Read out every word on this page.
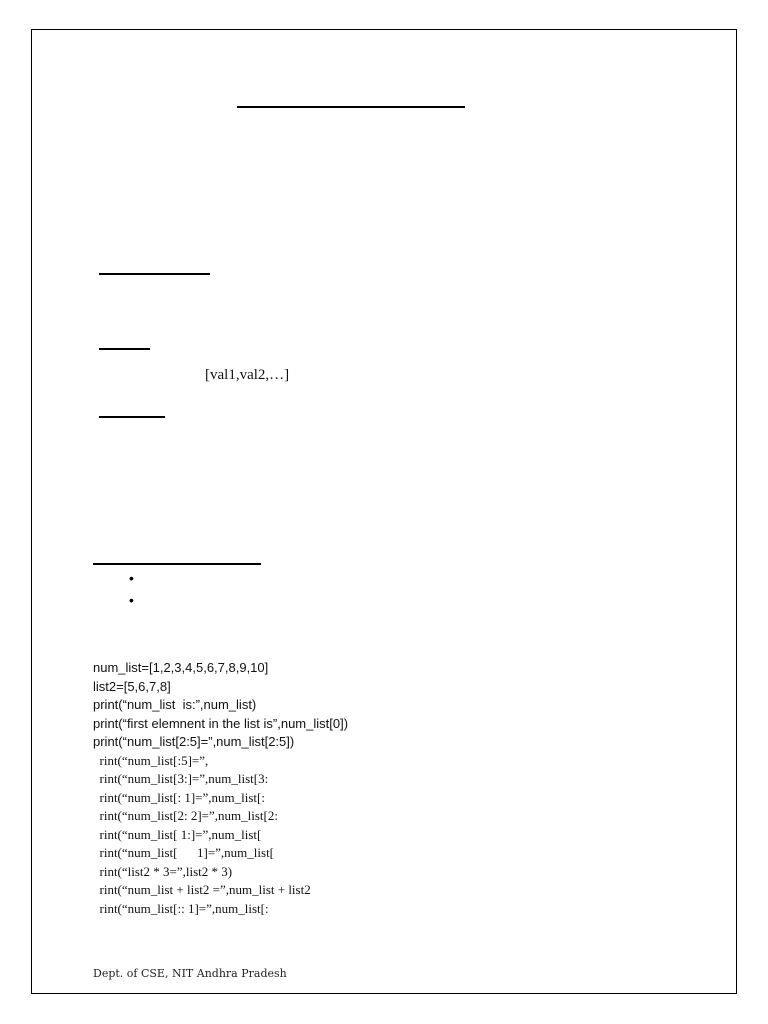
[val1,val2,…]
•
•
num_list=[1,2,3,4,5,6,7,8,9,10]
list2=[5,6,7,8]
print(“num_list  is:”,num_list)
print(“first elemnent in the list is”,num_list[0])
print(“num_list[2:5]=”,num_list[2:5])
rint(“num_list[:5]=”,
rint(“num_list[3:]=”,num_list[3:
rint(“num_list[: 1]=”,num_list[:
rint(“num_list[2: 2]=”,num_list[2:
rint(“num_list[ 1:]=”,num_list[
rint(“num_list[      1]=”,num_list[
rint(“list2 * 3=”,list2 * 3)
rint(“num_list + list2 =”,num_list + list2
rint(“num_list[:: 1]=”,num_list[:
Dept. of CSE, NIT Andhra Pradesh
